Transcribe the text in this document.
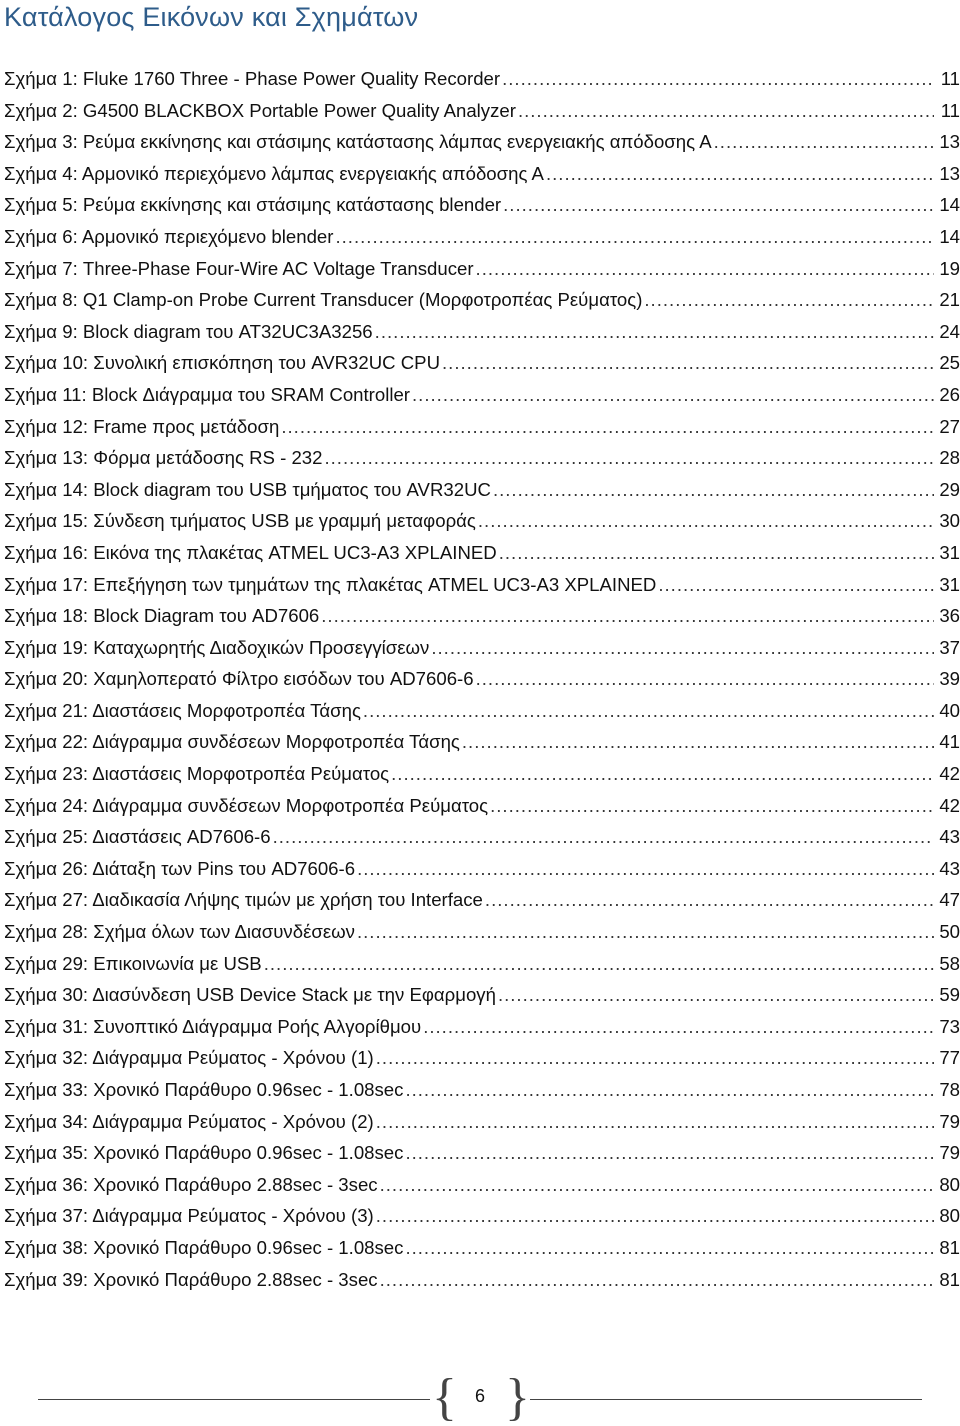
Κατάλογος Εικόνων και Σχημάτων
Σχήμα 1: Fluke 1760 Three - Phase Power Quality Recorder .....	11
Σχήμα 2: G4500 BLACKBOX Portable Power Quality Analyzer .....	11
Σχήμα 3: Ρεύμα εκκίνησης και στάσιμης κατάστασης λάμπας ενεργειακής απόδοσης Α .....	13
Σχήμα 4: Αρμονικό περιεχόμενο λάμπας ενεργειακής απόδοσης Α .....	13
Σχήμα 5: Ρεύμα εκκίνησης και στάσιμης κατάστασης blender .....	14
Σχήμα 6: Αρμονικό περιεχόμενο blender .....	14
Σχήμα 7: Three-Phase Four-Wire AC Voltage Transducer .....	19
Σχήμα 8: Q1 Clamp-on Probe Current Transducer (Μορφοτροπέας Ρεύματος) .....	21
Σχήμα 9: Block diagram του AT32UC3A3256 .....	24
Σχήμα 10: Συνολική επισκόπηση του AVR32UC CPU .....	25
Σχήμα 11: Block Διάγραμμα του SRAM Controller .....	26
Σχήμα 12: Frame προς μετάδοση .....	27
Σχήμα 13: Φόρμα μετάδοσης RS - 232 .....	28
Σχήμα 14: Block diagram του USB τμήματος του AVR32UC .....	29
Σχήμα 15: Σύνδεση τμήματος USB με γραμμή μεταφοράς .....	30
Σχήμα 16: Εικόνα της πλακέτας ATMEL UC3-A3 XPLAINED .....	31
Σχήμα 17: Επεξήγηση των τμημάτων της πλακέτας ATMEL UC3-A3 XPLAINED .....	31
Σχήμα 18: Block Diagram του AD7606 .....	36
Σχήμα 19: Καταχωρητής Διαδοχικών Προσεγγίσεων .....	37
Σχήμα 20: Χαμηλοπερατό Φίλτρο εισόδων του AD7606-6 .....	39
Σχήμα 21: Διαστάσεις Μορφοτροπέα Τάσης .....	40
Σχήμα 22: Διάγραμμα συνδέσεων Μορφοτροπέα Τάσης .....	41
Σχήμα 23: Διαστάσεις Μορφοτροπέα Ρεύματος .....	42
Σχήμα 24: Διάγραμμα συνδέσεων Μορφοτροπέα Ρεύματος .....	42
Σχήμα 25: Διαστάσεις AD7606-6 .....	43
Σχήμα 26: Διάταξη των Pins του AD7606-6 .....	43
Σχήμα 27: Διαδικασία Λήψης τιμών με χρήση του Interface .....	47
Σχήμα 28: Σχήμα όλων των Διασυνδέσεων .....	50
Σχήμα 29: Επικοινωνία με USB .....	58
Σχήμα 30: Διασύνδεση USB Device Stack με την Εφαρμογή .....	59
Σχήμα 31: Συνοπτικό Διάγραμμα Ροής Αλγορίθμου .....	73
Σχήμα 32: Διάγραμμα Ρεύματος - Χρόνου (1) .....	77
Σχήμα 33: Χρονικό Παράθυρο 0.96sec - 1.08sec .....	78
Σχήμα 34: Διάγραμμα Ρεύματος - Χρόνου (2) .....	79
Σχήμα 35: Χρονικό Παράθυρο 0.96sec - 1.08sec .....	79
Σχήμα 36: Χρονικό Παράθυρο 2.88sec - 3sec .....	80
Σχήμα 37: Διάγραμμα Ρεύματος - Χρόνου (3) .....	80
Σχήμα 38: Χρονικό Παράθυρο 0.96sec - 1.08sec .....	81
Σχήμα 39: Χρονικό Παράθυρο 2.88sec - 3sec .....	81
{	6 }
